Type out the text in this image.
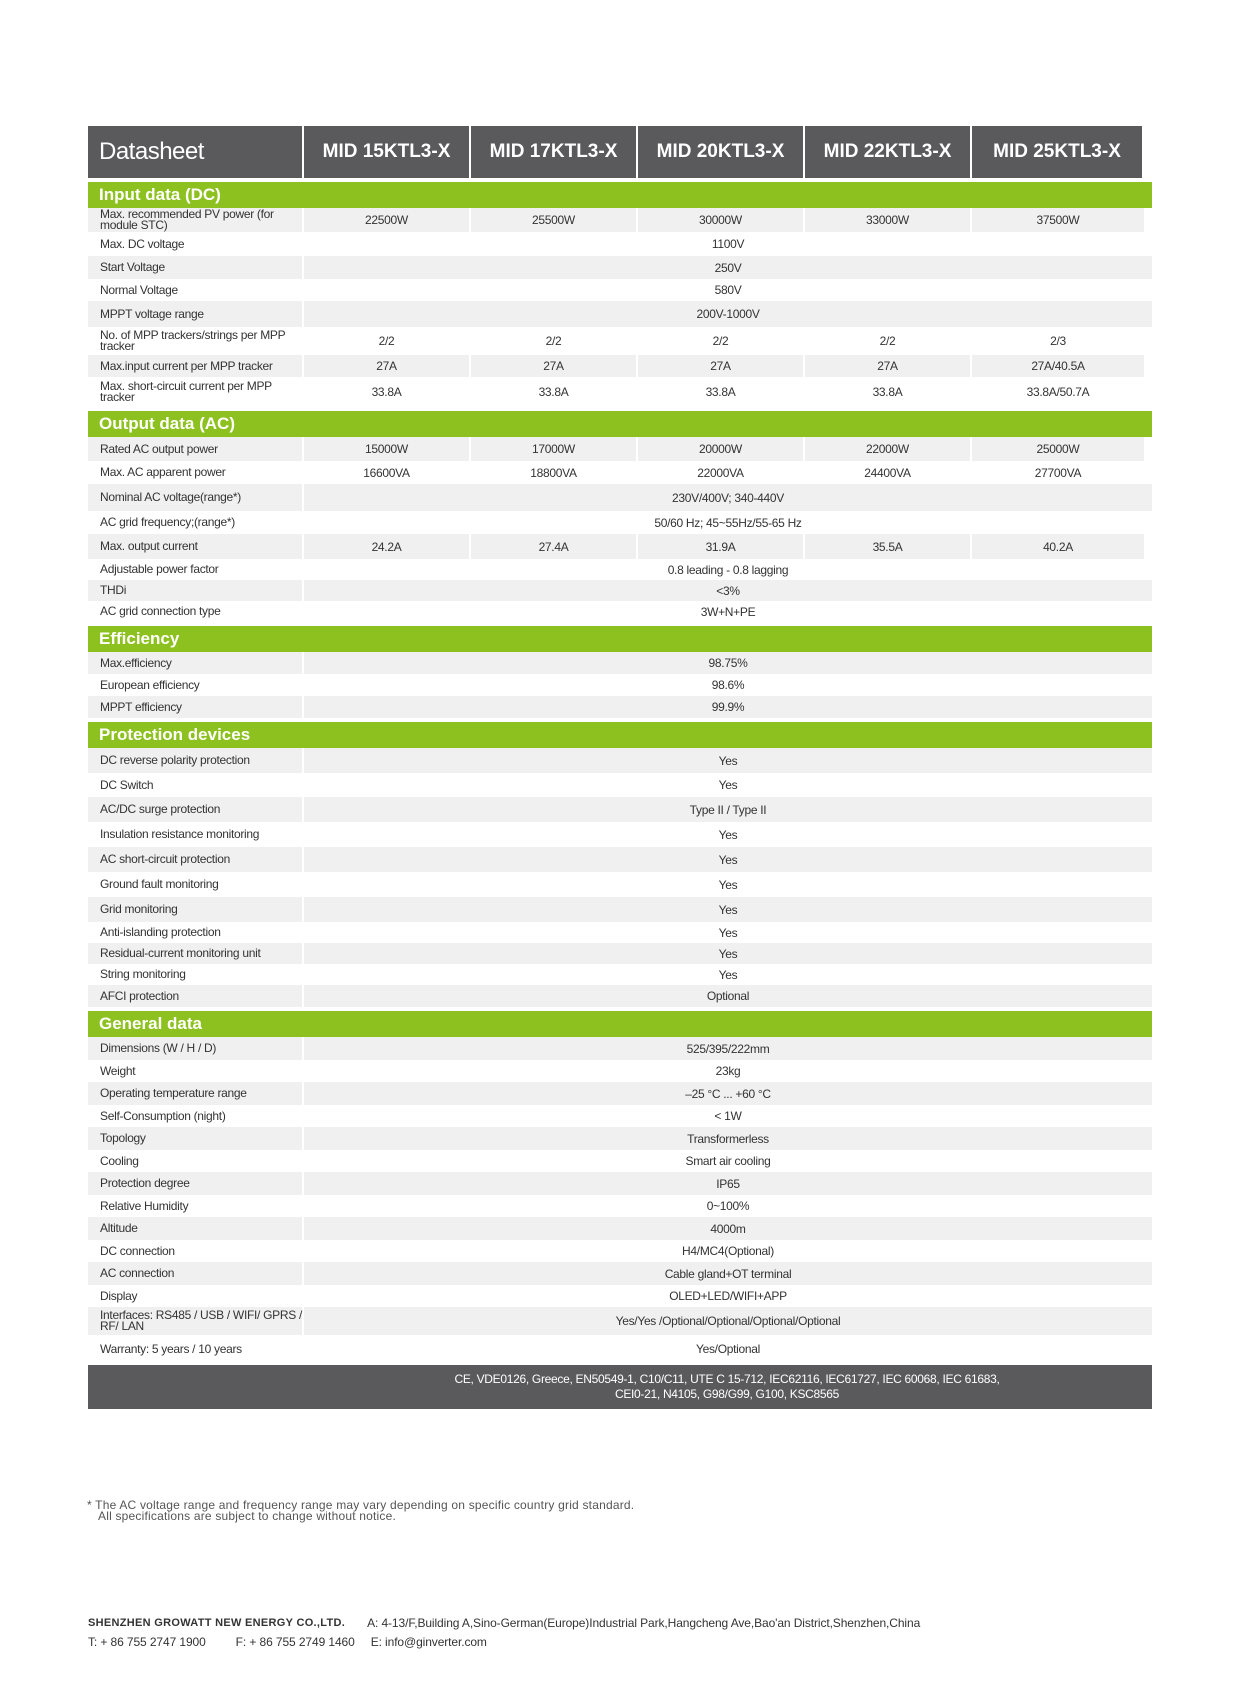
Datasheet	MID 15KTL3-X	MID 17KTL3-X	MID 20KTL3-X	MID 22KTL3-X	MID 25KTL3-X
Input data (DC)
Max. recommended PV power (for module STC)	22500W	25500W	30000W	33000W	37500W
Max. DC voltage	1100V
Start Voltage	250V
Normal Voltage	580V
MPPT voltage range	200V-1000V
No. of MPP trackers/strings per MPP tracker	2/2	2/2	2/2	2/2	2/3
Max.input current per MPP tracker	27A	27A	27A	27A	27A/40.5A
Max. short-circuit current per MPP tracker	33.8A	33.8A	33.8A	33.8A	33.8A/50.7A
Output data (AC)
Rated AC output power	15000W	17000W	20000W	22000W	25000W
Max. AC apparent power	16600VA	18800VA	22000VA	24400VA	27700VA
Nominal AC voltage(range*)	230V/400V; 340-440V
AC grid frequency;(range*)	50/60 Hz; 45~55Hz/55-65 Hz
Max. output current	24.2A	27.4A	31.9A	35.5A	40.2A
Adjustable power factor	0.8 leading - 0.8 lagging
THDi	<3%
AC grid connection type	3W+N+PE
Efficiency
Max.efficiency	98.75%
European efficiency	98.6%
MPPT efficiency	99.9%
Protection devices
DC reverse polarity protection	Yes
DC Switch	Yes
AC/DC surge protection	Type II / Type II
Insulation resistance monitoring	Yes
AC short-circuit protection	Yes
Ground fault monitoring	Yes
Grid monitoring	Yes
Anti-islanding protection	Yes
Residual-current monitoring unit	Yes
String monitoring	Yes
AFCI protection	Optional
General data
Dimensions (W / H / D)	525/395/222mm
Weight	23kg
Operating temperature range	–25 °C ... +60 °C
Self-Consumption (night)	< 1W
Topology	Transformerless
Cooling	Smart air cooling
Protection degree	IP65
Relative Humidity	0~100%
Altitude	4000m
DC connection	H4/MC4(Optional)
AC connection	Cable gland+OT terminal
Display	OLED+LED/WIFI+APP
Interfaces: RS485 / USB / WIFI/ GPRS / RF/ LAN	Yes/Yes /Optional/Optional/Optional/Optional
Warranty: 5 years / 10 years	Yes/Optional
CE, VDE0126, Greece, EN50549-1, C10/C11, UTE C 15-712, IEC62116, IEC61727, IEC 60068, IEC 61683,
CEI0-21, N4105, G98/G99, G100, KSC8565
* The AC voltage range and frequency range may vary depending on specific country grid standard.
All specifications are subject to change without notice.
SHENZHEN GROWATT NEW ENERGY CO.,LTD. A: 4-13/F,Building A,Sino-German(Europe)Industrial Park,Hangcheng Ave,Bao'an District,Shenzhen,China
T: + 86 755 2747 1900	F: + 86 755 2749 1460 E: info@ginverter.com
